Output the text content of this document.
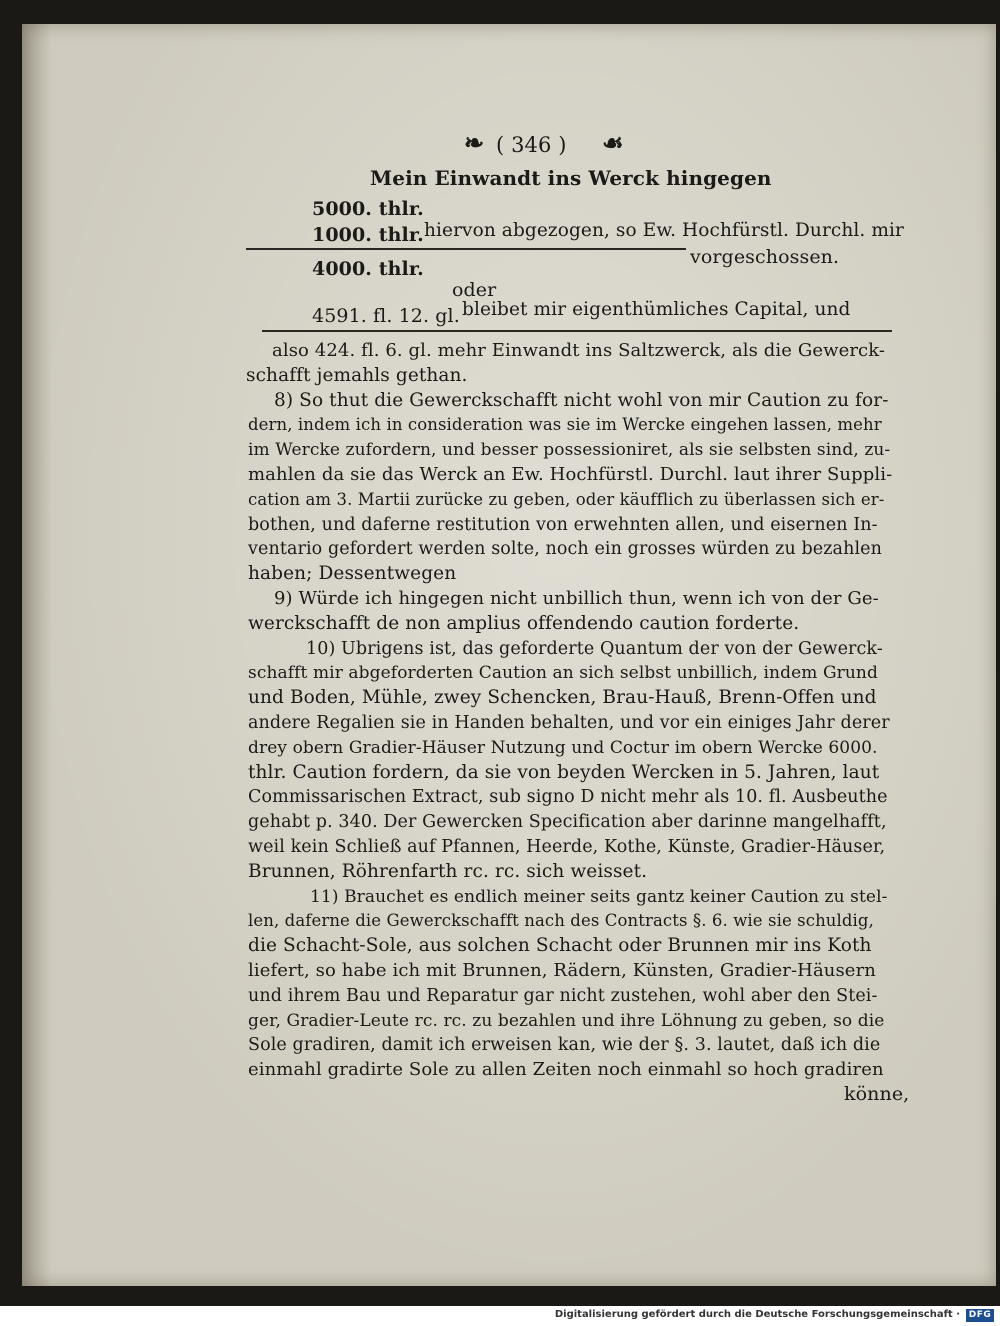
❧ ( 346 ) ☙
Mein Einwandt ins Werck hingegen
5000. thlr.
1000. thlr. hiervon abgezogen, so Ew. Hochfürstl. Durchl. mir
vorgeschossen.
4000. thlr.
oder
4591. fl. 12. gl. bleibet mir eigenthümliches Capital, und
also 424. fl. 6. gl. mehr Einwandt ins Saltzwerck, als die Gewerck-
schafft jemahls gethan.
8) So thut die Gewerckschafft nicht wohl von mir Caution zu for-
dern, indem ich in consideration was sie im Wercke eingehen lassen, mehr
im Wercke zufordern, und besser possessioniret, als sie selbsten sind, zu-
mahlen da sie das Werck an Ew. Hochfürstl. Durchl. laut ihrer Suppli-
cation am 3. Martii zurücke zu geben, oder käufflich zu überlassen sich er-
bothen, und daferne restitution von erwehnten allen, und eisernen In-
ventario gefordert werden solte, noch ein grosses würden zu bezahlen
haben; Dessentwegen
9) Würde ich hingegen nicht unbillich thun, wenn ich von der Ge-
werckschafft de non amplius offendendo caution forderte.
10) Ubrigens ist, das geforderte Quantum der von der Gewerck-
schafft mir abgeforderten Caution an sich selbst unbillich, indem Grund
und Boden, Mühle, zwey Schencken, Brau-Hauß, Brenn-Offen und
andere Regalien sie in Handen behalten, und vor ein einiges Jahr derer
drey obern Gradier-Häuser Nutzung und Coctur im obern Wercke 6000.
thlr. Caution fordern, da sie von beyden Wercken in 5. Jahren, laut
Commissarischen Extract, sub signo D nicht mehr als 10. fl. Ausbeuthe
gehabt p. 340. Der Gewercken Specification aber darinne mangelhafft,
weil kein Schließ auf Pfannen, Heerde, Kothe, Künste, Gradier-Häuser,
Brunnen, Röhrenfarth rc. rc. sich weisset.
11) Brauchet es endlich meiner seits gantz keiner Caution zu stel-
len, daferne die Gewerckschafft nach des Contracts §. 6. wie sie schuldig,
die Schacht-Sole, aus solchen Schacht oder Brunnen mir ins Koth
liefert, so habe ich mit Brunnen, Rädern, Künsten, Gradier-Häusern
und ihrem Bau und Reparatur gar nicht zustehen, wohl aber den Stei-
ger, Gradier-Leute rc. rc. zu bezahlen und ihre Löhnung zu geben, so die
Sole gradiren, damit ich erweisen kan, wie der §. 3. lautet, daß ich die
einmahl gradirte Sole zu allen Zeiten noch einmahl so hoch gradiren
könne,
Digitalisierung gefördert durch die Deutsche Forschungsgemeinschaft · DFG
